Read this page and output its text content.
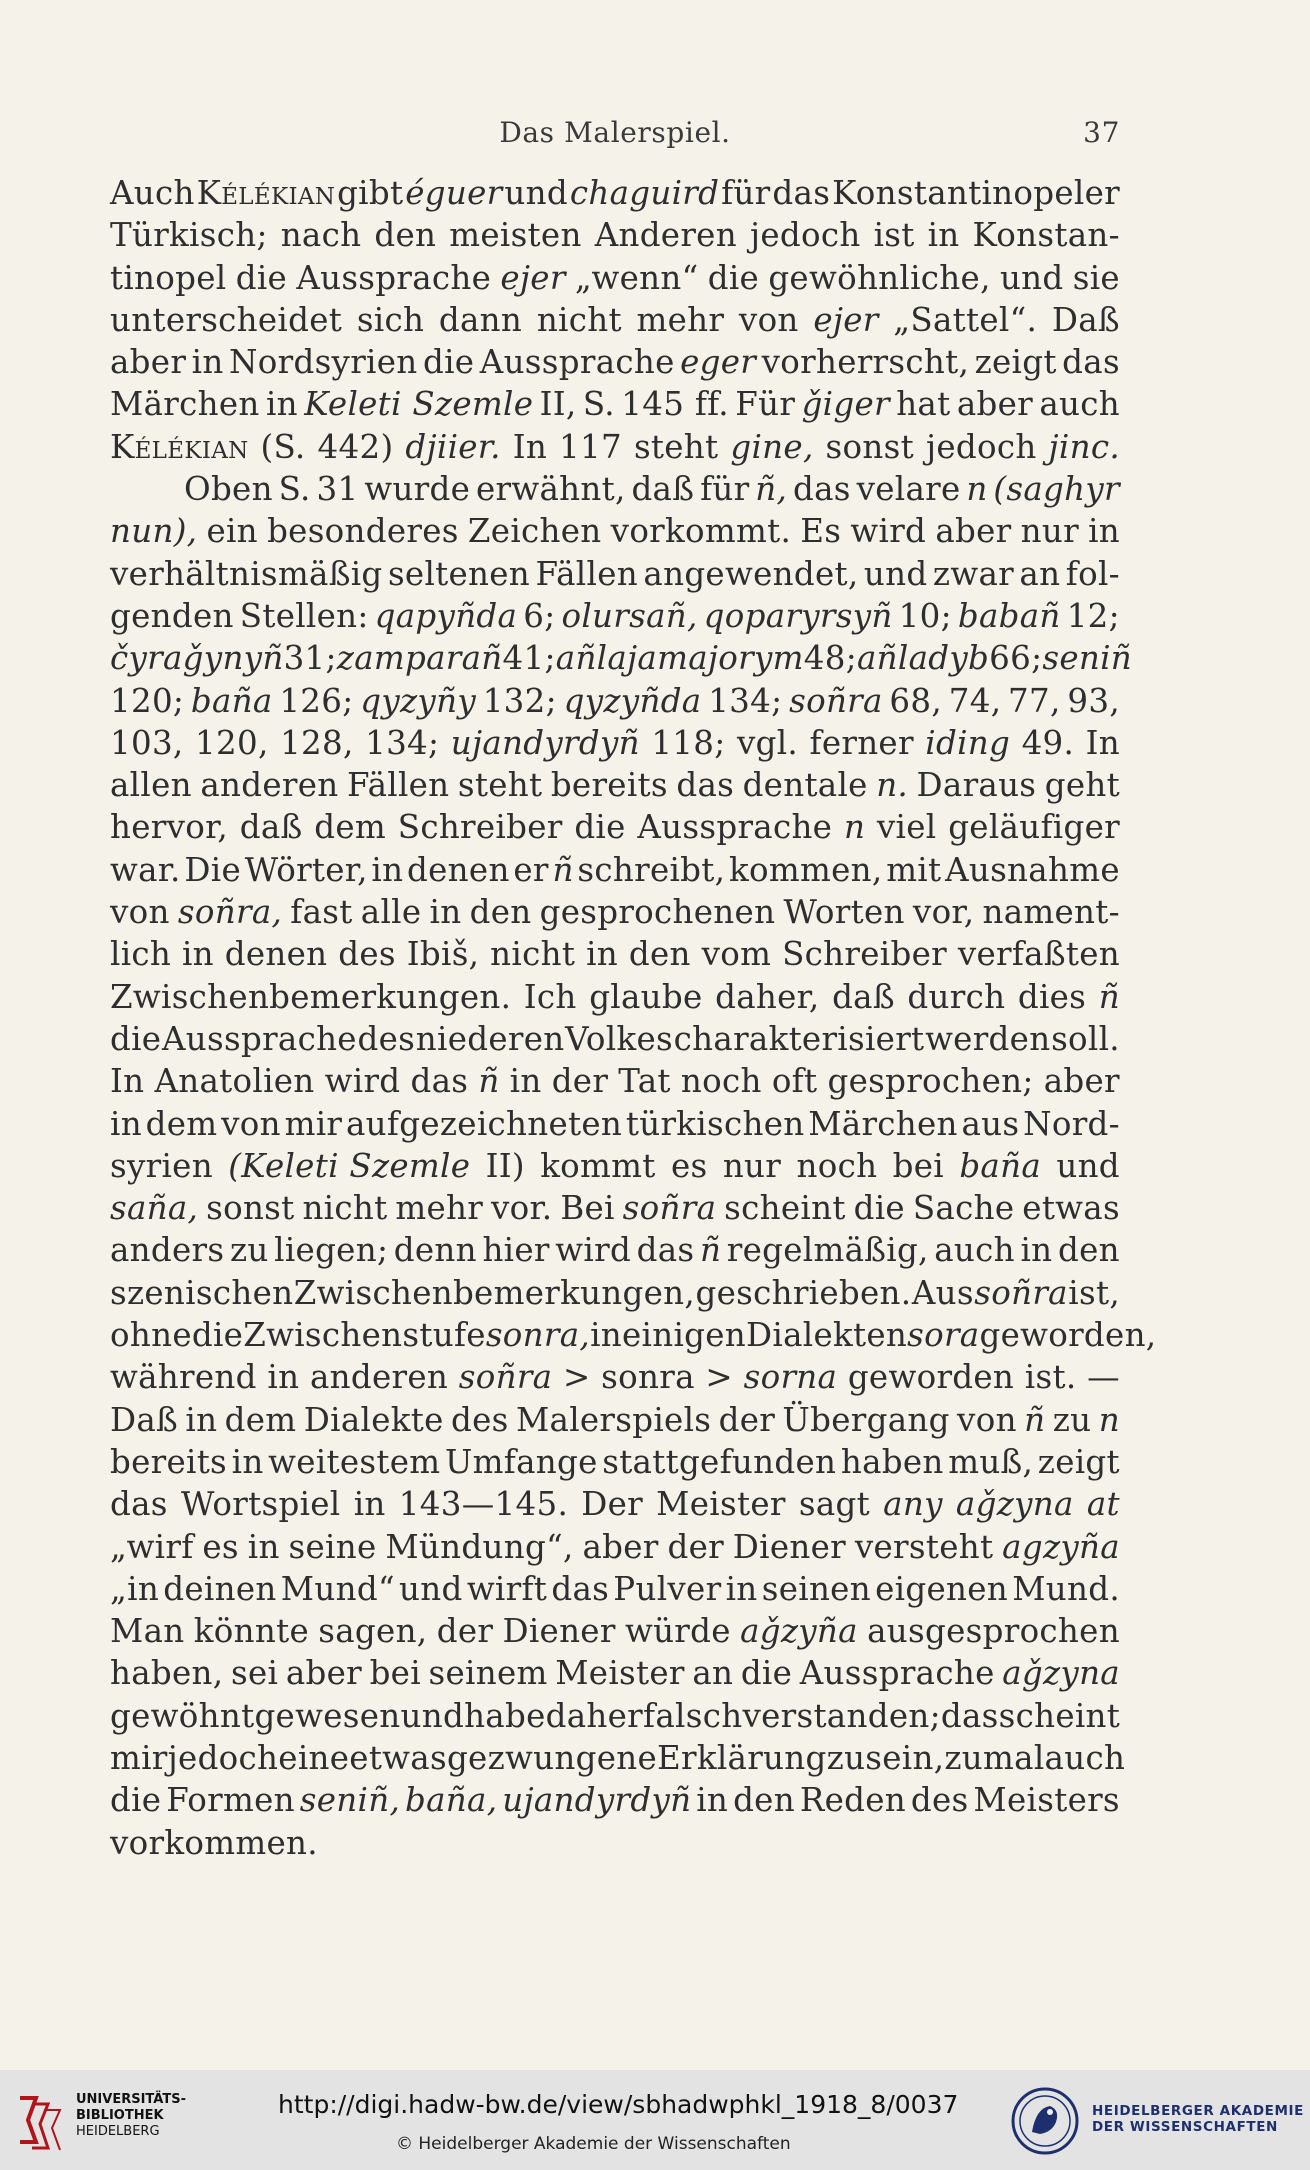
Das Malerspiel.	37
Auch Kélékian gibt éguer und chaguird für das Konstantinopeler
Türkisch; nach den meisten Anderen jedoch ist in Konstan-
tinopel die Aussprache ejer „wenn“ die gewöhnliche, und sie
unterscheidet sich dann nicht mehr von ejer „Sattel“. Daß
aber in Nordsyrien die Aussprache eger vorherrscht, zeigt das
Märchen in Keleti Szemle II, S. 145 ff. Für ǧiger hat aber auch
Kélékian (S. 442) djiier. In 117 steht gine, sonst jedoch jinc.
Oben S. 31 wurde erwähnt, daß für ñ, das velare n (saghyr
nun), ein besonderes Zeichen vorkommt. Es wird aber nur in
verhältnismäßig seltenen Fällen angewendet, und zwar an fol-
genden Stellen: qapyñda 6; olursañ, qoparyrsyñ 10; babañ 12;
čyraǧynyñ 31; zamparañ 41; añlajamajorym 48; añladyb 66; seniñ
120; baña 126; qyzyñy 132; qyzyñda 134; soñra 68, 74, 77, 93,
103, 120, 128, 134; ujandyrdyñ 118; vgl. ferner iding 49. In
allen anderen Fällen steht bereits das dentale n. Daraus geht
hervor, daß dem Schreiber die Aussprache n viel geläufiger
war. Die Wörter, in denen er ñ schreibt, kommen, mit Ausnahme
von soñra, fast alle in den gesprochenen Worten vor, nament-
lich in denen des Ibiš, nicht in den vom Schreiber verfaßten
Zwischenbemerkungen. Ich glaube daher, daß durch dies ñ
die Aussprache des niederen Volkes charakterisiert werden soll.
In Anatolien wird das ñ in der Tat noch oft gesprochen; aber
in dem von mir aufgezeichneten türkischen Märchen aus Nord-
syrien (Keleti Szemle II) kommt es nur noch bei baña und
saña, sonst nicht mehr vor. Bei soñra scheint die Sache etwas
anders zu liegen; denn hier wird das ñ regelmäßig, auch in den
szenischen Zwischenbemerkungen, geschrieben. Aus soñra ist,
ohne die Zwischenstufe sonra, in einigen Dialekten sora geworden,
während in anderen soñra > sonra > sorna geworden ist. —
Daß in dem Dialekte des Malerspiels der Übergang von ñ zu n
bereits in weitestem Umfange stattgefunden haben muß, zeigt
das Wortspiel in 143—145. Der Meister sagt any aǧzyna at
„wirf es in seine Mündung“, aber der Diener versteht agzyña
„in deinen Mund“ und wirft das Pulver in seinen eigenen Mund.
Man könnte sagen, der Diener würde aǧzyña ausgesprochen
haben, sei aber bei seinem Meister an die Aussprache aǧzyna
gewöhnt gewesen und habe daher falsch verstanden; das scheint
mir jedoch eine etwas gezwungene Erklärung zu sein, zumal auch
die Formen seniñ, baña, ujandyrdyñ in den Reden des Meisters
vorkommen.
UNIVERSITÄTS-
BIBLIOTHEK
HEIDELBERG
http://digi.hadw-bw.de/view/sbhadwphkl_1918_8/0037
© Heidelberger Akademie der Wissenschaften
HEIDELBERGER AKADEMIE
DER WISSENSCHAFTEN
